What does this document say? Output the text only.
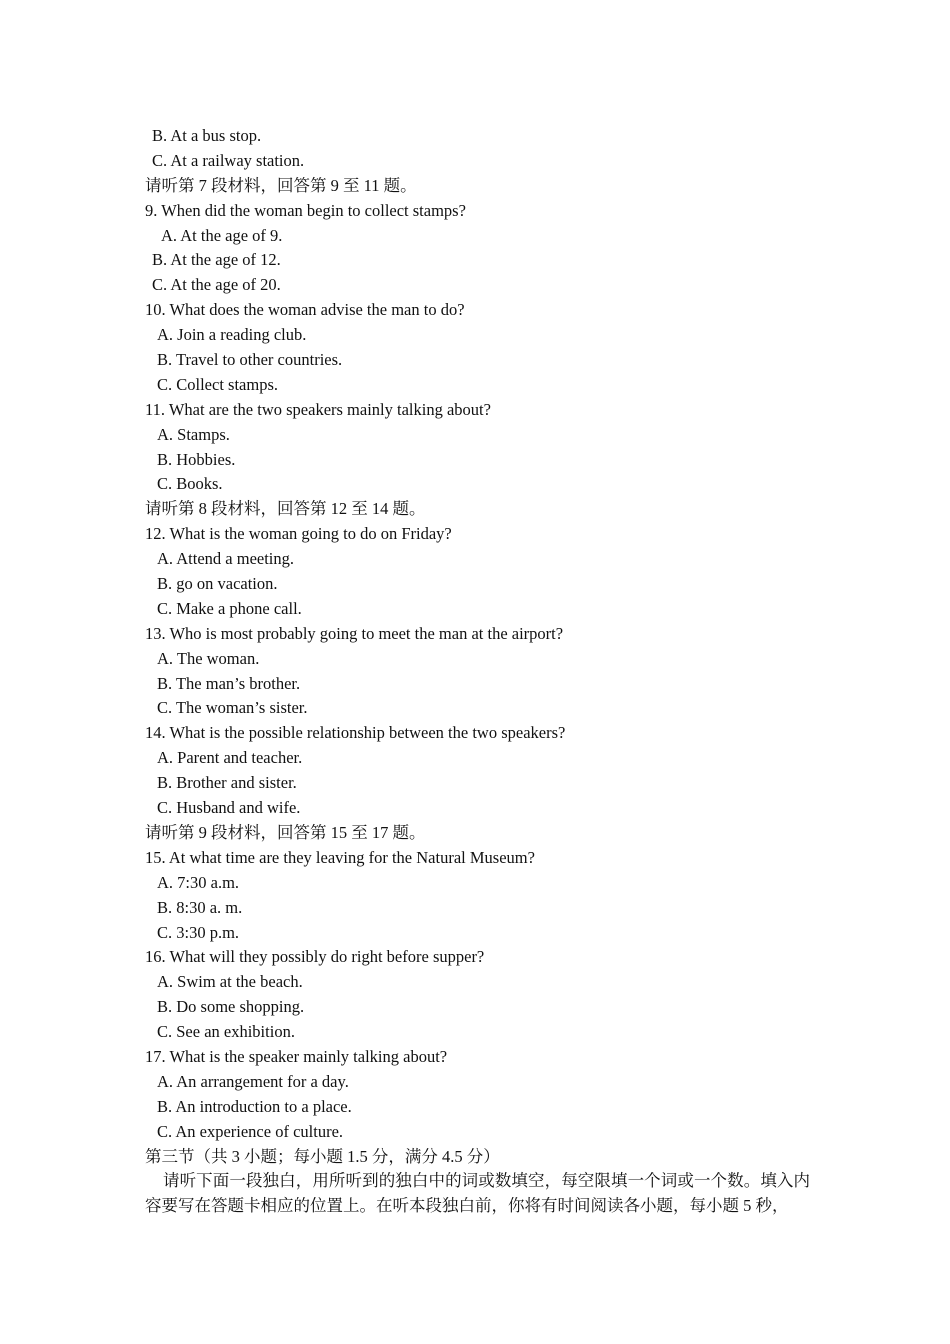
B. At a bus stop.
C. At a railway station.
请听第 7 段材料，回答第 9 至 11 题。
9. When did the woman begin to collect stamps?
A. At the age of 9.
B. At the age of 12.
C. At the age of 20.
10. What does the woman advise the man to do?
A. Join a reading club.
B. Travel to other countries.
C. Collect stamps.
11. What are the two speakers mainly talking about?
A. Stamps.
B. Hobbies.
C. Books.
请听第 8 段材料，回答第 12 至 14 题。
12. What is the woman going to do on Friday?
A. Attend a meeting.
B. go on vacation.
C. Make a phone call.
13. Who is most probably going to meet the man at the airport?
A. The woman.
B. The man’s brother.
C. The woman’s sister.
14. What is the possible relationship between the two speakers?
A. Parent and teacher.
B. Brother and sister.
C. Husband and wife.
请听第 9 段材料，回答第 15 至 17 题。
15. At what time are they leaving for the Natural Museum?
A. 7:30 a.m.
B. 8:30 a. m.
C. 3:30 p.m.
16. What will they possibly do right before supper?
A. Swim at the beach.
B. Do some shopping.
C. See an exhibition.
17. What is the speaker mainly talking about?
A. An arrangement for a day.
B. An introduction to a place.
C. An experience of culture.
第三节（共 3 小题；每小题 1.5 分，满分 4.5 分）
请听下面一段独白，用所听到的独白中的词或数填空，每空限填一个词或一个数。填入内容要写在答题卡相应的位置上。在听本段独白前，你将有时间阅读各小题，每小题 5 秒，
